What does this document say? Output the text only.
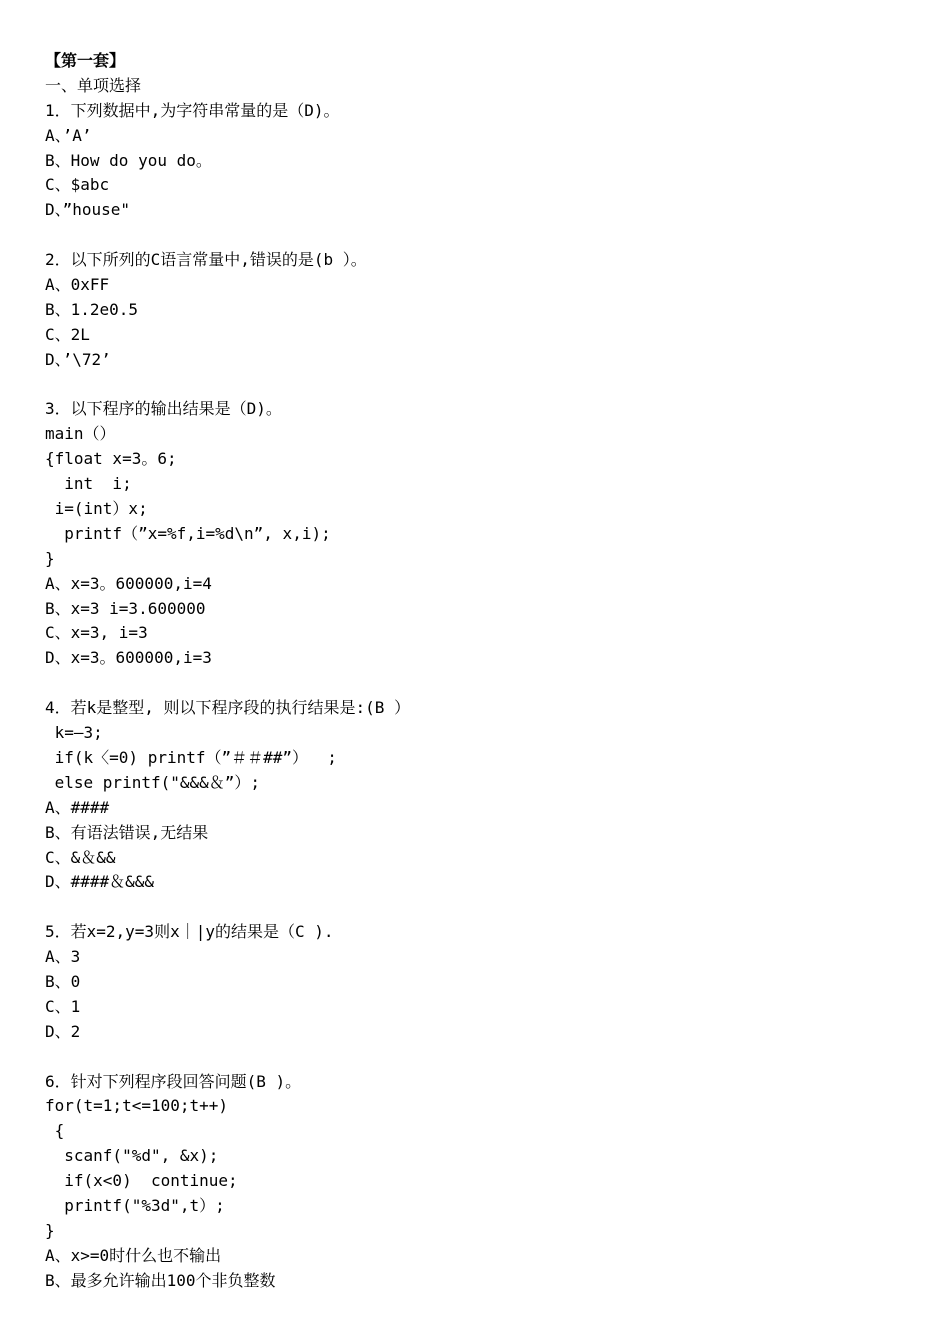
【第一套】
一、单项选择
1．下列数据中,为字符串常量的是（D)。
A、’A’
B、How do you do。
C、$abc
D、”house"
2．以下所列的C语言常量中,错误的是(b ）。
A、0xFF
B、1.2e0.5
C、2L
D、’\72’
3．以下程序的输出结果是（D)。
main（）
{float x=3。6;
int  i;
i=(int）x;
printf（”x=%f,i=%d\n”, x,i);
}
A、x=3。600000,i=4
B、x=3 i=3.600000
C、x=3, i=3
D、x=3。600000,i=3
4．若k是整型, 则以下程序段的执行结果是:(B ）
k=—3;
if(k〈=0) printf（”＃＃##”）  ;
else printf("&&&＆”）;
A、####
B、有语法错误,无结果
C、&＆&&
D、####＆&&&
5．若x=2,y=3则x｜|y的结果是（C ).
A、3
B、0
C、1
D、2
6．针对下列程序段回答问题(B )。
for(t=1;t<=100;t++)
{
scanf("%d", &x);
if(x<0)  continue;
printf("%3d",t）;
}
A、x>=0时什么也不输出
B、最多允许输出100个非负整数
